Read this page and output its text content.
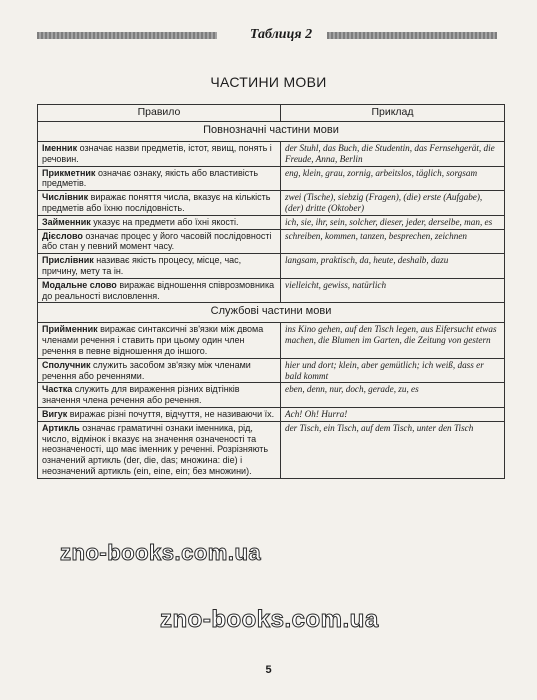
Таблиця 2
ЧАСТИНИ МОВИ
Правило	Приклад
Повнозначні частини мови	
Іменник означає назви предметів, істот, явищ, понять і речовин.	der Stuhl, das Buch, die Studentin, das Fernsehgerät, die Freude, Anna, Berlin
Прикметник означає ознаку, якість або властивість предметів.	eng, klein, grau, zornig, arbeitslos, täglich, sorgsam
Числівник виражає поняття числа, вказує на кількість предметів або їхню послідовність.	zwei (Tische), siebzig (Fragen), (die) erste (Aufgabe), (der) dritte (Oktober)
Займенник указує на предмети або їхні якості.	ich, sie, ihr, sein, solcher, dieser, jeder, derselbe, man, es
Дієслово означає процес у його часовій послідовності або стан у певний момент часу.	schreiben, kommen, tanzen, besprechen, zeichnen
Прислівник називає якість процесу, місце, час, причину, мету та ін.	langsam, praktisch, da, heute, deshalb, dazu
Модальне слово виражає відношення співрозмовника до реальності висловлення.	vielleicht, gewiss, natürlich
Службові частини мови	
Прийменник виражає синтаксичні зв'язки між двома членами речення і ставить при цьому один член речення в певне відношення до іншого.	ins Kino gehen, auf den Tisch legen, aus Eifersucht etwas machen, die Blumen im Garten, die Zeitung von gestern
Сполучник служить засобом зв'язку між членами речення або реченнями.	hier und dort; klein, aber gemütlich; ich weiß, dass er bald kommt
Частка служить для вираження різних відтінків значення члена речення або речення.	eben, denn, nur, doch, gerade, zu, es
Вигук виражає різні почуття, відчуття, не називаючи їх.	Ach! Oh! Hurra!
Артикль означає граматичні ознаки іменника, рід, число, відмінок і вказує на значення означеності та неозначеності, що має іменник у реченні. Розрізняють означений артикль (der, die, das; множина: die) і неозначений артикль (ein, eine, ein; без множини).	der Tisch, ein Tisch, auf dem Tisch, unter den Tisch
zno-books.com.ua
zno-books.com.ua
5
